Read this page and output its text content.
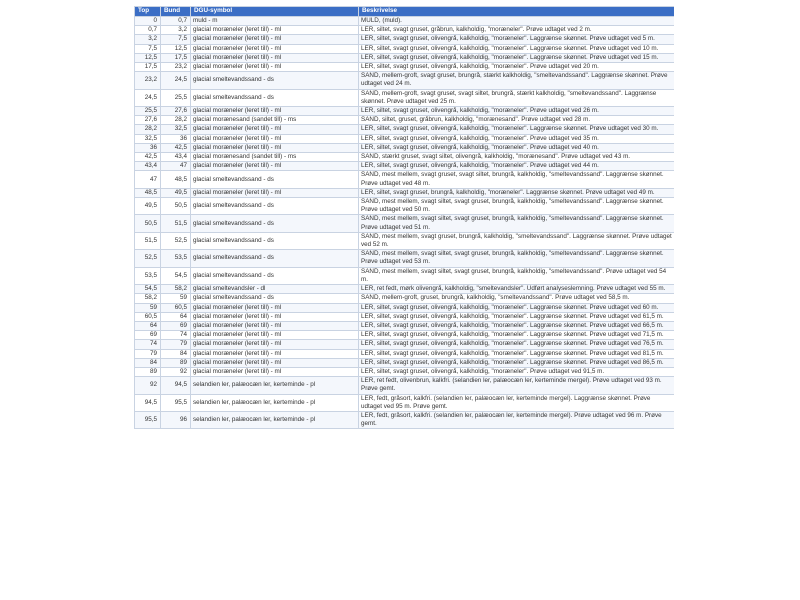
Top	Bund	DGU-symbol	Beskrivelse
0	0,7	muld - m	MULD, (muld).
0,7	3,2	glacial moræneler (leret till) - ml	LER, siltet, svagt gruset, gråbrun, kalkholdig, "moræneler". Prøve udtaget ved 2 m.
3,2	7,5	glacial moræneler (leret till) - ml	LER, siltet, svagt gruset, olivengrå, kalkholdig, "moræneler". Laggrænse skønnet. Prøve udtaget ved 5 m.
7,5	12,5	glacial moræneler (leret till) - ml	LER, siltet, svagt gruset, olivengrå, kalkholdig, "moræneler". Laggrænse skønnet. Prøve udtaget ved 10 m.
12,5	17,5	glacial moræneler (leret till) - ml	LER, siltet, svagt gruset, olivengrå, kalkholdig, "moræneler". Laggrænse skønnet. Prøve udtaget ved 15 m.
17,5	23,2	glacial moræneler (leret till) - ml	LER, siltet, svagt gruset, olivengrå, kalkholdig, "moræneler". Prøve udtaget ved 20 m.
23,2	24,5	glacial smeltevandssand - ds	SAND, mellem-groft, svagt gruset, brungrå, stærkt kalkholdig, "smeltevandssand". Laggrænse skønnet. Prøve udtaget ved 24 m.
24,5	25,5	glacial smeltevandssand - ds	SAND, mellem-groft, svagt gruset, svagt siltet, brungrå, stærkt kalkholdig, "smeltevandssand". Laggrænse skønnet. Prøve udtaget ved 25 m.
25,5	27,6	glacial moræneler (leret till) - ml	LER, siltet, svagt gruset, olivengrå, kalkholdig, "moræneler". Prøve udtaget ved 26 m.
27,6	28,2	glacial morænesand (sandet till) - ms	SAND, siltet, gruset, gråbrun, kalkholdig, "morænesand". Prøve udtaget ved 28 m.
28,2	32,5	glacial moræneler (leret till) - ml	LER, siltet, svagt gruset, olivengrå, kalkholdig, "moræneler". Laggrænse skønnet. Prøve udtaget ved 30 m.
32,5	36	glacial moræneler (leret till) - ml	LER, siltet, svagt gruset, olivengrå, kalkholdig, "moræneler". Prøve udtaget ved 35 m.
36	42,5	glacial moræneler (leret till) - ml	LER, siltet, svagt gruset, olivengrå, kalkholdig, "moræneler". Prøve udtaget ved 40 m.
42,5	43,4	glacial morænesand (sandet till) - ms	SAND, stærkt gruset, svagt siltet, olivengrå, kalkholdig, "morænesand". Prøve udtaget ved 43 m.
43,4	47	glacial moræneler (leret till) - ml	LER, siltet, svagt gruset, olivengrå, kalkholdig, "moræneler". Prøve udtaget ved 44 m.
47	48,5	glacial smeltevandssand - ds	SAND, mest mellem, svagt gruset, svagt siltet, brungrå, kalkholdig, "smeltevandssand". Laggrænse skønnet. Prøve udtaget ved 48 m.
48,5	49,5	glacial moræneler (leret till) - ml	LER, siltet, svagt gruset, brungrå, kalkholdig, "moræneler". Laggrænse skønnet. Prøve udtaget ved 49 m.
49,5	50,5	glacial smeltevandssand - ds	SAND, mest mellem, svagt siltet, svagt gruset, brungrå, kalkholdig, "smeltevandssand". Laggrænse skønnet. Prøve udtaget ved 50 m.
50,5	51,5	glacial smeltevandssand - ds	SAND, mest mellem, svagt siltet, svagt gruset, brungrå, kalkholdig, "smeltevandssand". Laggrænse skønnet. Prøve udtaget ved 51 m.
51,5	52,5	glacial smeltevandssand - ds	SAND, mest mellem, svagt gruset, brungrå, kalkholdig, "smeltevandssand". Laggrænse skønnet. Prøve udtaget ved 52 m.
52,5	53,5	glacial smeltevandssand - ds	SAND, mest mellem, svagt siltet, svagt gruset, brungrå, kalkholdig, "smeltevandssand". Laggrænse skønnet. Prøve udtaget ved 53 m.
53,5	54,5	glacial smeltevandssand - ds	SAND, mest mellem, svagt siltet, svagt gruset, brungrå, kalkholdig, "smeltevandssand". Prøve udtaget ved 54 m.
54,5	58,2	glacial smeltevandsler - dl	LER, ret fedt, mørk olivengrå, kalkholdig, "smeltevandsler". Udført analyseslemning. Prøve udtaget ved 55 m.
58,2	59	glacial smeltevandssand - ds	SAND, mellem-groft, gruset, brungrå, kalkholdig, "smeltevandssand". Prøve udtaget ved 58,5 m.
59	60,5	glacial moræneler (leret till) - ml	LER, siltet, svagt gruset, olivengrå, kalkholdig, "moræneler". Laggrænse skønnet. Prøve udtaget ved 60 m.
60,5	64	glacial moræneler (leret till) - ml	LER, siltet, svagt gruset, olivengrå, kalkholdig, "moræneler". Laggrænse skønnet. Prøve udtaget ved 61,5 m.
64	69	glacial moræneler (leret till) - ml	LER, siltet, svagt gruset, olivengrå, kalkholdig, "moræneler". Laggrænse skønnet. Prøve udtaget ved 66,5 m.
69	74	glacial moræneler (leret till) - ml	LER, siltet, svagt gruset, olivengrå, kalkholdig, "moræneler". Laggrænse skønnet. Prøve udtaget ved 71,5 m.
74	79	glacial moræneler (leret till) - ml	LER, siltet, svagt gruset, olivengrå, kalkholdig, "moræneler". Laggrænse skønnet. Prøve udtaget ved 76,5 m.
79	84	glacial moræneler (leret till) - ml	LER, siltet, svagt gruset, olivengrå, kalkholdig, "moræneler". Laggrænse skønnet. Prøve udtaget ved 81,5 m.
84	89	glacial moræneler (leret till) - ml	LER, siltet, svagt gruset, olivengrå, kalkholdig, "moræneler". Laggrænse skønnet. Prøve udtaget ved 86,5 m.
89	92	glacial moræneler (leret till) - ml	LER, siltet, svagt gruset, olivengrå, kalkholdig, "moræneler". Prøve udtaget ved 91,5 m.
92	94,5	selandien ler, palæocæn ler, kerteminde - pl	LER, ret fedt, olivenbrun, kalkfri. (selandien ler, palæocæn ler, kerteminde mergel). Prøve udtaget ved 93 m. Prøve gemt.
94,5	95,5	selandien ler, palæocæn ler, kerteminde - pl	LER, fedt, gråsort, kalkfri. (selandien ler, palæocæn ler, kerteminde mergel). Laggrænse skønnet. Prøve udtaget ved 95 m. Prøve gemt.
95,5	96	selandien ler, palæocæn ler, kerteminde - pl	LER, fedt, gråsort, kalkfri. (selandien ler, palæocæn ler, kerteminde mergel). Prøve udtaget ved 96 m. Prøve gemt.
